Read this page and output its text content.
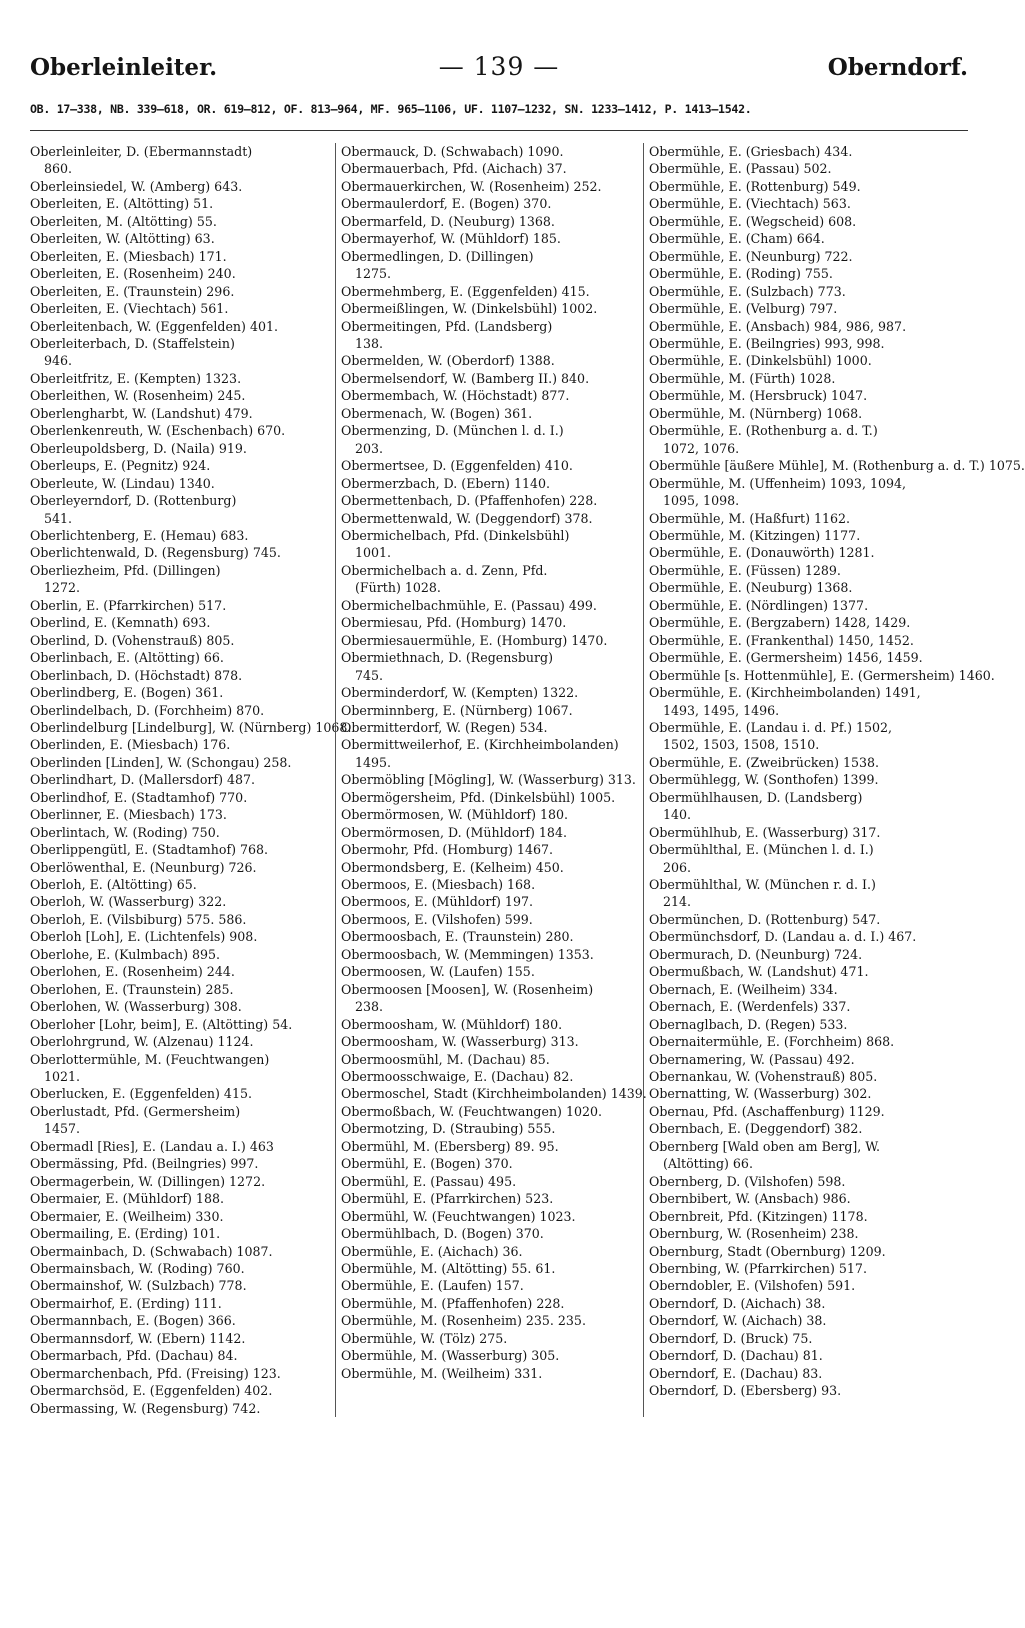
Oberleinleiter.	— 139 —	Oberndorf.
OB. 17—338, NB. 339—618, OR. 619—812, OF. 813—964, MF. 965—1106, UF. 1107—1232, SN. 1233—1412, P. 1413—1542.
Oberleinleiter, D. (Ebermannstadt)
860.
Oberleinsiedel, W. (Amberg) 643.
Oberleiten, E. (Altötting) 51.
Oberleiten, M. (Altötting) 55.
Oberleiten, W. (Altötting) 63.
Oberleiten, E. (Miesbach) 171.
Oberleiten, E. (Rosenheim) 240.
Oberleiten, E. (Traunstein) 296.
Oberleiten, E. (Viechtach) 561.
Oberleitenbach, W. (Eggenfelden) 401.
Oberleiterbach, D. (Staffelstein)
946.
Oberleitfritz, E. (Kempten) 1323.
Oberleithen, W. (Rosenheim) 245.
Oberlengharbt, W. (Landshut) 479.
Oberlenkenreuth, W. (Eschenbach) 670.
Oberleupoldsberg, D. (Naila) 919.
Oberleups, E. (Pegnitz) 924.
Oberleute, W. (Lindau) 1340.
Oberleyerndorf, D. (Rottenburg)
541.
Oberlichtenberg, E. (Hemau) 683.
Oberlichtenwald, D. (Regensburg) 745.
Oberliezheim, Pfd. (Dillingen)
1272.
Oberlin, E. (Pfarrkirchen) 517.
Oberlind, E. (Kemnath) 693.
Oberlind, D. (Vohenstrauß) 805.
Oberlinbach, E. (Altötting) 66.
Oberlinbach, D. (Höchstadt) 878.
Oberlindberg, E. (Bogen) 361.
Oberlindelbach, D. (Forchheim) 870.
Oberlindelburg [Lindelburg], W. (Nürnberg) 1068.
Oberlinden, E. (Miesbach) 176.
Oberlinden [Linden], W. (Schongau) 258.
Oberlindhart, D. (Mallersdorf) 487.
Oberlindhof, E. (Stadtamhof) 770.
Oberlinner, E. (Miesbach) 173.
Oberlintach, W. (Roding) 750.
Oberlippengütl, E. (Stadtamhof) 768.
Oberlöwenthal, E. (Neunburg) 726.
Oberloh, E. (Altötting) 65.
Oberloh, W. (Wasserburg) 322.
Oberloh, E. (Vilsbiburg) 575. 586.
Oberloh [Loh], E. (Lichtenfels) 908.
Oberlohe, E. (Kulmbach) 895.
Oberlohen, E. (Rosenheim) 244.
Oberlohen, E. (Traunstein) 285.
Oberlohen, W. (Wasserburg) 308.
Oberloher [Lohr, beim], E. (Altötting) 54.
Oberlohrgrund, W. (Alzenau) 1124.
Oberlottermühle, M. (Feuchtwangen)
1021.
Oberlucken, E. (Eggenfelden) 415.
Oberlustadt, Pfd. (Germersheim)
1457.
Obermadl [Ries], E. (Landau a. I.) 463
Obermässing, Pfd. (Beilngries) 997.
Obermagerbein, W. (Dillingen) 1272.
Obermaier, E. (Mühldorf) 188.
Obermaier, E. (Weilheim) 330.
Obermailing, E. (Erding) 101.
Obermainbach, D. (Schwabach) 1087.
Obermainsbach, W. (Roding) 760.
Obermainshof, W. (Sulzbach) 778.
Obermairhof, E. (Erding) 111.
Obermannbach, E. (Bogen) 366.
Obermannsdorf, W. (Ebern) 1142.
Obermarbach, Pfd. (Dachau) 84.
Obermarchenbach, Pfd. (Freising) 123.
Obermarchsöd, E. (Eggenfelden) 402.
Obermassing, W. (Regensburg) 742.
Obermauck, D. (Schwabach) 1090.
Obermauerbach, Pfd. (Aichach) 37.
Obermauerkirchen, W. (Rosenheim) 252.
Obermaulerdorf, E. (Bogen) 370.
Obermarfeld, D. (Neuburg) 1368.
Obermayerhof, W. (Mühldorf) 185.
Obermedlingen, D. (Dillingen)
1275.
Obermehmberg, E. (Eggenfelden) 415.
Obermeißlingen, W. (Dinkelsbühl) 1002.
Obermeitingen, Pfd. (Landsberg)
138.
Obermelden, W. (Oberdorf) 1388.
Obermelsendorf, W. (Bamberg II.) 840.
Obermembach, W. (Höchstadt) 877.
Obermenach, W. (Bogen) 361.
Obermenzing, D. (München l. d. I.)
203.
Obermertsee, D. (Eggenfelden) 410.
Obermerzbach, D. (Ebern) 1140.
Obermettenbach, D. (Pfaffenhofen) 228.
Obermettenwald, W. (Deggendorf) 378.
Obermichelbach, Pfd. (Dinkelsbühl)
1001.
Obermichelbach a. d. Zenn, Pfd.
(Fürth) 1028.
Obermichelbachmühle, E. (Passau) 499.
Obermiesau, Pfd. (Homburg) 1470.
Obermiesauermühle, E. (Homburg) 1470.
Obermiethnach, D. (Regensburg)
745.
Oberminderdorf, W. (Kempten) 1322.
Oberminnberg, E. (Nürnberg) 1067.
Obermitterdorf, W. (Regen) 534.
Obermittweilerhof, E. (Kirchheimbolanden)
1495.
Obermöbling [Mögling], W. (Wasserburg) 313.
Obermögersheim, Pfd. (Dinkelsbühl) 1005.
Obermörmosen, W. (Mühldorf) 180.
Obermörmosen, D. (Mühldorf) 184.
Obermohr, Pfd. (Homburg) 1467.
Obermondsberg, E. (Kelheim) 450.
Obermoos, E. (Miesbach) 168.
Obermoos, E. (Mühldorf) 197.
Obermoos, E. (Vilshofen) 599.
Obermoosbach, E. (Traunstein) 280.
Obermoosbach, W. (Memmingen) 1353.
Obermoosen, W. (Laufen) 155.
Obermoosen [Moosen], W. (Rosenheim)
238.
Obermoosham, W. (Mühldorf) 180.
Obermoosham, W. (Wasserburg) 313.
Obermoosmühl, M. (Dachau) 85.
Obermoosschwaige, E. (Dachau) 82.
Obermoschel, Stadt (Kirchheimbolanden) 1439.
Obermoßbach, W. (Feuchtwangen) 1020.
Obermotzing, D. (Straubing) 555.
Obermühl, M. (Ebersberg) 89. 95.
Obermühl, E. (Bogen) 370.
Obermühl, E. (Passau) 495.
Obermühl, E. (Pfarrkirchen) 523.
Obermühl, W. (Feuchtwangen) 1023.
Obermühlbach, D. (Bogen) 370.
Obermühle, E. (Aichach) 36.
Obermühle, M. (Altötting) 55. 61.
Obermühle, E. (Laufen) 157.
Obermühle, M. (Pfaffenhofen) 228.
Obermühle, M. (Rosenheim) 235. 235.
Obermühle, W. (Tölz) 275.
Obermühle, M. (Wasserburg) 305.
Obermühle, M. (Weilheim) 331.
Obermühle, E. (Griesbach) 434.
Obermühle, E. (Passau) 502.
Obermühle, E. (Rottenburg) 549.
Obermühle, E. (Viechtach) 563.
Obermühle, E. (Wegscheid) 608.
Obermühle, E. (Cham) 664.
Obermühle, E. (Neunburg) 722.
Obermühle, E. (Roding) 755.
Obermühle, E. (Sulzbach) 773.
Obermühle, E. (Velburg) 797.
Obermühle, E. (Ansbach) 984, 986, 987.
Obermühle, E. (Beilngries) 993, 998.
Obermühle, E. (Dinkelsbühl) 1000.
Obermühle, M. (Fürth) 1028.
Obermühle, M. (Hersbruck) 1047.
Obermühle, M. (Nürnberg) 1068.
Obermühle, E. (Rothenburg a. d. T.)
1072, 1076.
Obermühle [äußere Mühle], M. (Rothenburg a. d. T.) 1075.
Obermühle, M. (Uffenheim) 1093, 1094,
1095, 1098.
Obermühle, M. (Haßfurt) 1162.
Obermühle, M. (Kitzingen) 1177.
Obermühle, E. (Donauwörth) 1281.
Obermühle, E. (Füssen) 1289.
Obermühle, E. (Neuburg) 1368.
Obermühle, E. (Nördlingen) 1377.
Obermühle, E. (Bergzabern) 1428, 1429.
Obermühle, E. (Frankenthal) 1450, 1452.
Obermühle, E. (Germersheim) 1456, 1459.
Obermühle [s. Hottenmühle], E. (Germersheim) 1460.
Obermühle, E. (Kirchheimbolanden) 1491,
1493, 1495, 1496.
Obermühle, E. (Landau i. d. Pf.) 1502,
1502, 1503, 1508, 1510.
Obermühle, E. (Zweibrücken) 1538.
Obermühlegg, W. (Sonthofen) 1399.
Obermühlhausen, D. (Landsberg)
140.
Obermühlhub, E. (Wasserburg) 317.
Obermühlthal, E. (München l. d. I.)
206.
Obermühlthal, W. (München r. d. I.)
214.
Obermünchen, D. (Rottenburg) 547.
Obermünchsdorf, D. (Landau a. d. I.) 467.
Obermurach, D. (Neunburg) 724.
Obermußbach, W. (Landshut) 471.
Obernach, E. (Weilheim) 334.
Obernach, E. (Werdenfels) 337.
Obernaglbach, D. (Regen) 533.
Obernaitermühle, E. (Forchheim) 868.
Obernamering, W. (Passau) 492.
Obernankau, W. (Vohenstrauß) 805.
Obernatting, W. (Wasserburg) 302.
Obernau, Pfd. (Aschaffenburg) 1129.
Obernbach, E. (Deggendorf) 382.
Obernberg [Wald oben am Berg], W.
(Altötting) 66.
Obernberg, D. (Vilshofen) 598.
Obernbibert, W. (Ansbach) 986.
Obernbreit, Pfd. (Kitzingen) 1178.
Obernburg, W. (Rosenheim) 238.
Obernburg, Stadt (Obernburg) 1209.
Obernbing, W. (Pfarrkirchen) 517.
Oberndobler, E. (Vilshofen) 591.
Oberndorf, D. (Aichach) 38.
Oberndorf, W. (Aichach) 38.
Oberndorf, D. (Bruck) 75.
Oberndorf, D. (Dachau) 81.
Oberndorf, E. (Dachau) 83.
Oberndorf, D. (Ebersberg) 93.
